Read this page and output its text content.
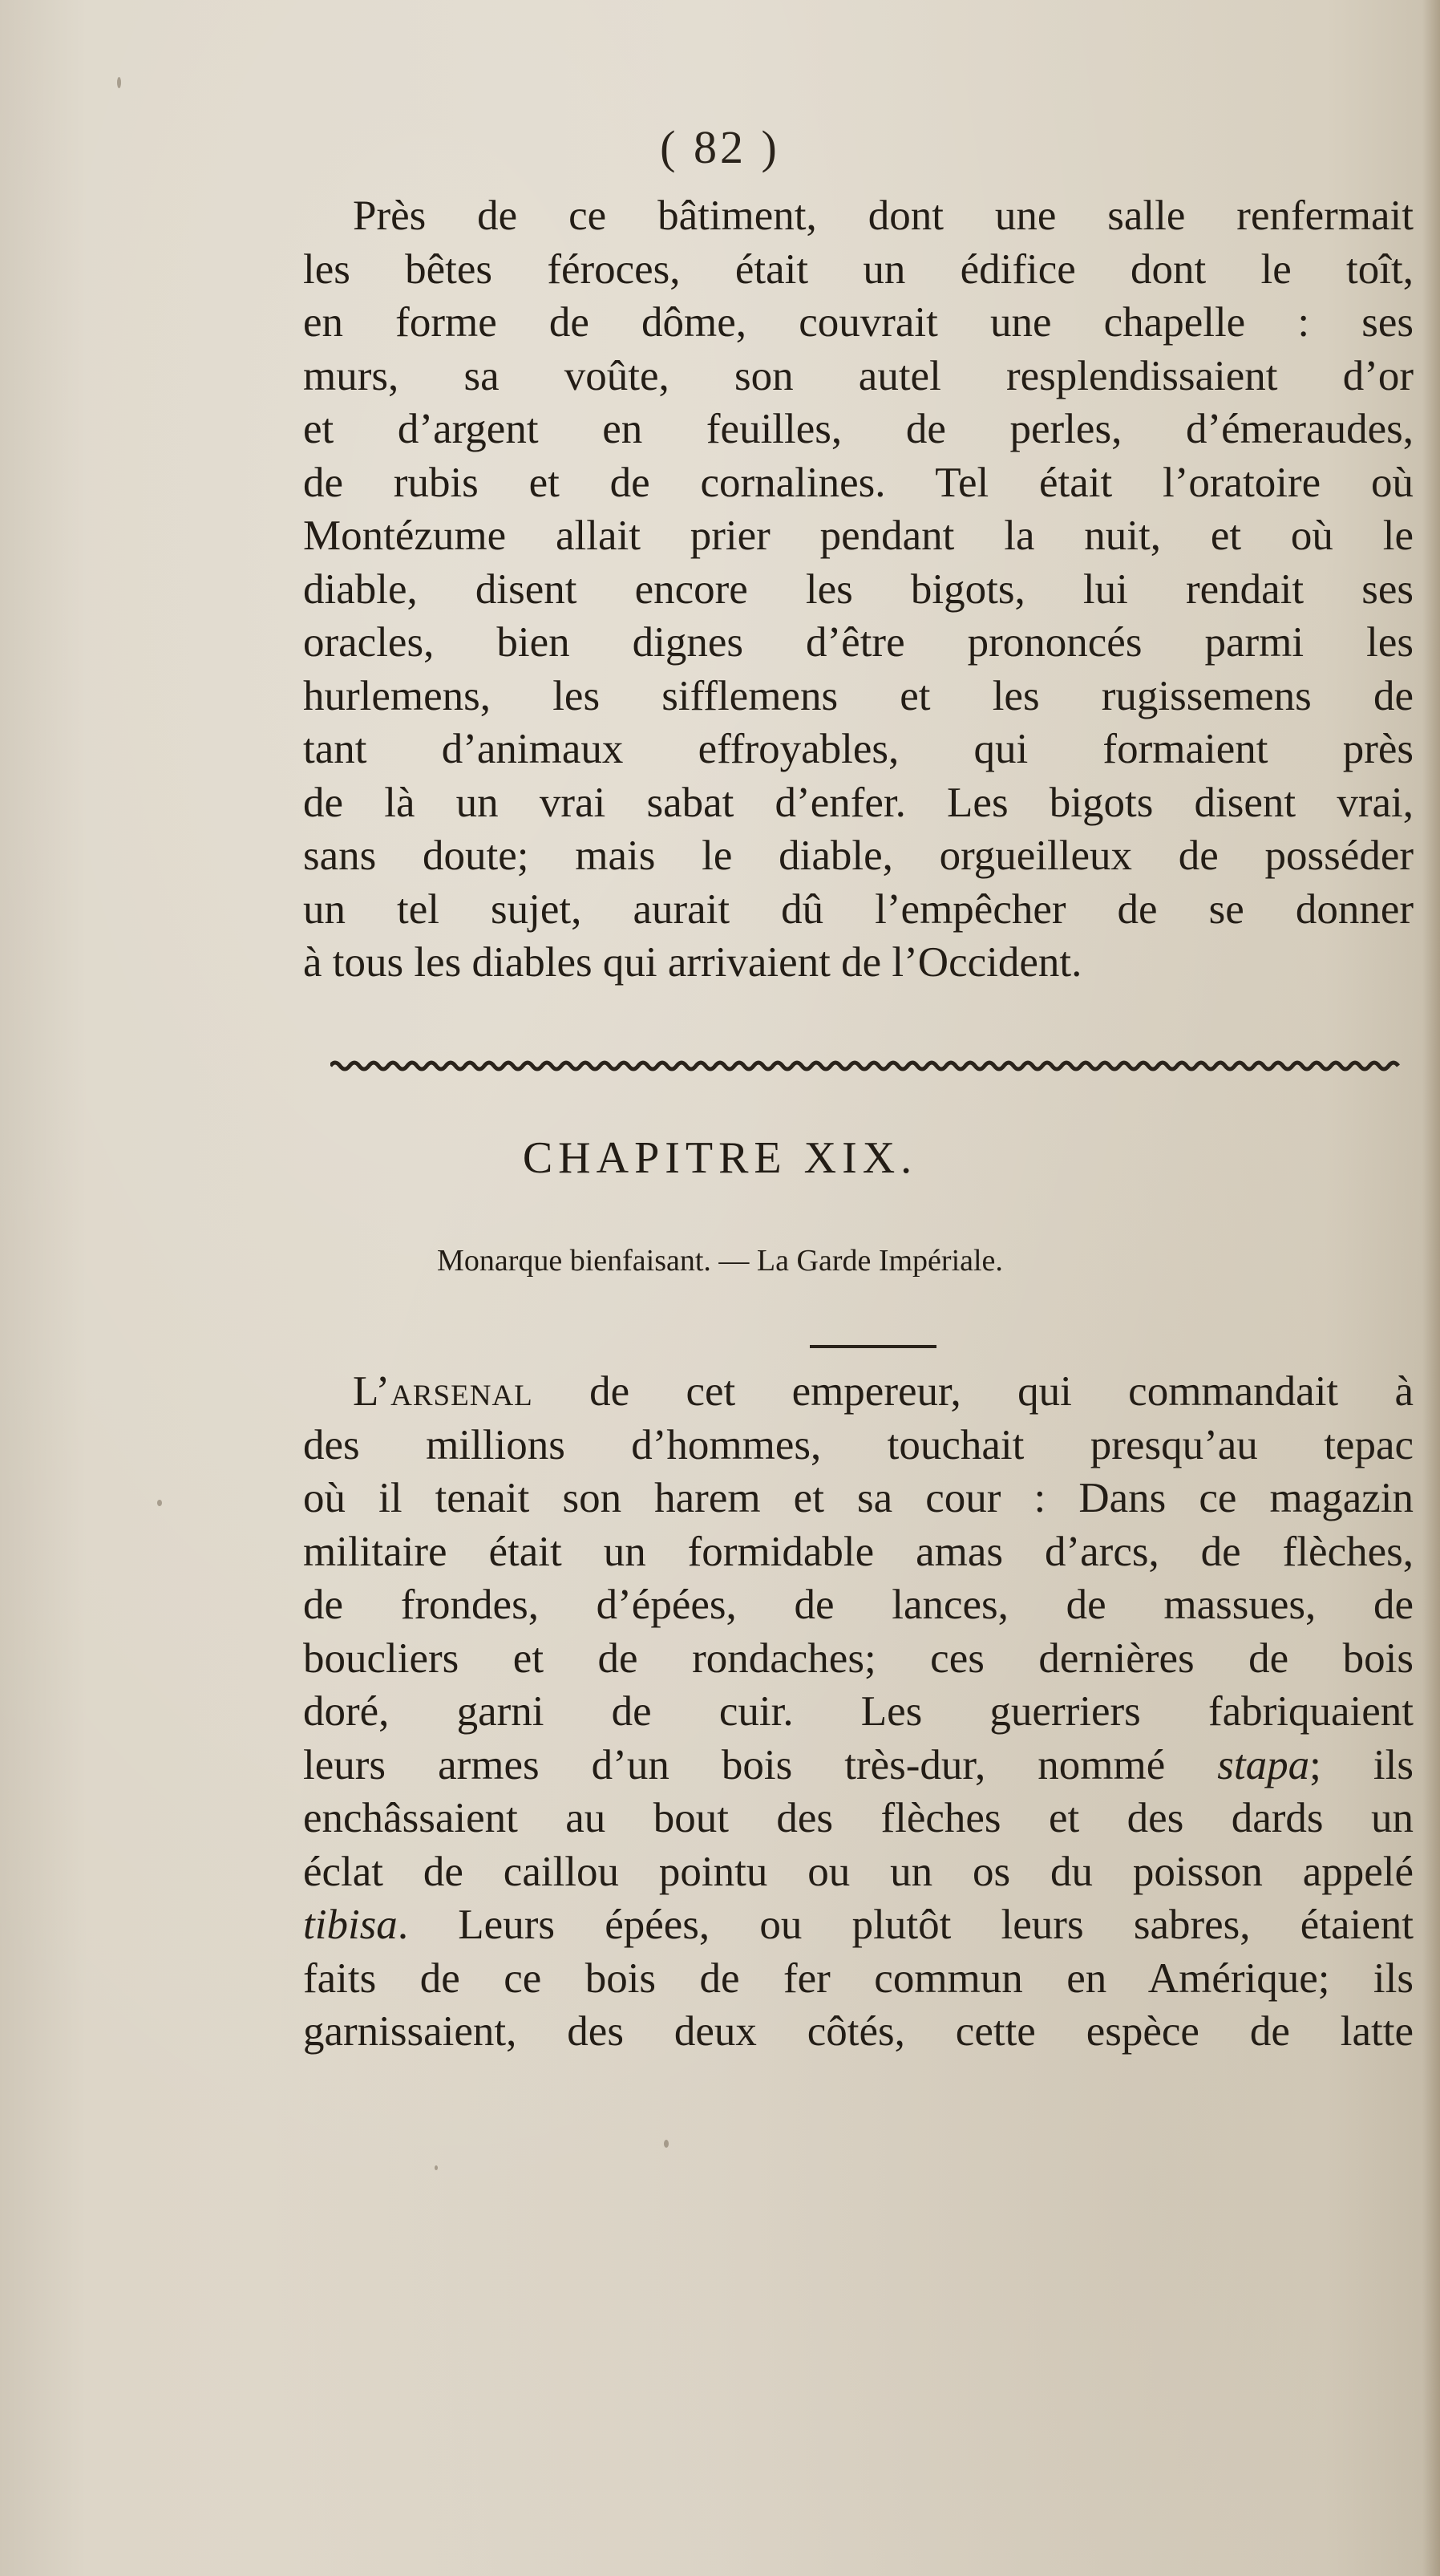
( 82 )
Près de ce bâtiment, dont une salle renfermait
les bêtes féroces, était un édifice dont le toît,
en forme de dôme, couvrait une chapelle : ses
murs, sa voûte, son autel resplendissaient d’or
et d’argent en feuilles, de perles, d’émeraudes,
de rubis et de cornalines. Tel était l’oratoire où
Montézume allait prier pendant la nuit, et où le
diable, disent encore les bigots, lui rendait ses
oracles, bien dignes d’être prononcés parmi les
hurlemens, les sifflemens et les rugissemens de
tant d’animaux effroyables, qui formaient près
de là un vrai sabat d’enfer. Les bigots disent vrai,
sans doute; mais le diable, orgueilleux de posséder
un tel sujet, aurait dû l’empêcher de se donner
à tous les diables qui arrivaient de l’Occident.
CHAPITRE XIX.
Monarque bienfaisant. — La Garde Impériale.
L’arsenal de cet empereur, qui commandait à
des millions d’hommes, touchait presqu’au tepac
où il tenait son harem et sa cour : Dans ce magazin
militaire était un formidable amas d’arcs, de flèches,
de frondes, d’épées, de lances, de massues, de
boucliers et de rondaches; ces dernières de bois
doré, garni de cuir. Les guerriers fabriquaient
leurs armes d’un bois très-dur, nommé stapa; ils
enchâssaient au bout des flèches et des dards un
éclat de caillou pointu ou un os du poisson appelé
tibisa. Leurs épées, ou plutôt leurs sabres, étaient
faits de ce bois de fer commun en Amérique; ils
garnissaient, des deux côtés, cette espèce de latte
